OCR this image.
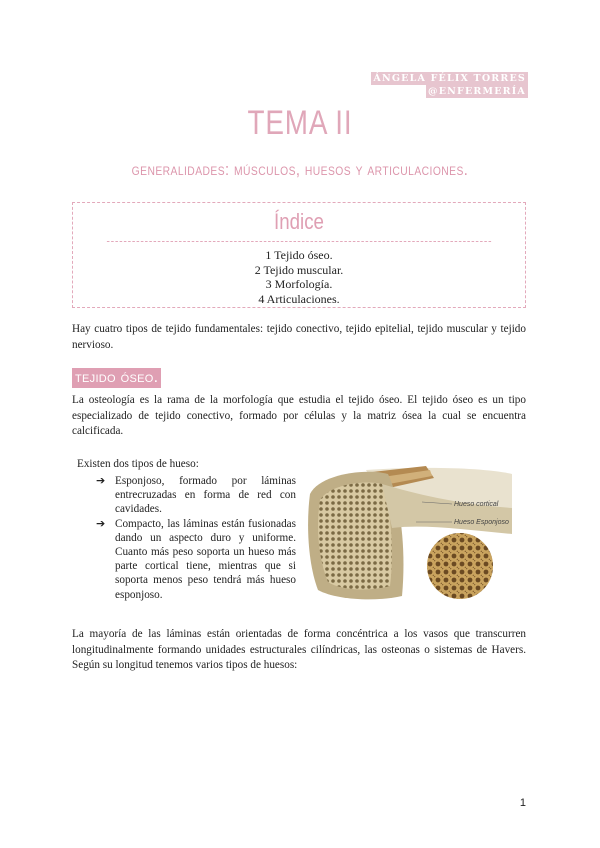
ÁNGELA FÉLIX TORRES
@ENFERMERÍA
TEMA II
generalidades: músculos, huesos y articulaciones.
Índice
1 Tejido óseo.
2 Tejido muscular.
3 Morfología.
4 Articulaciones.
Hay cuatro tipos de tejido fundamentales: tejido conectivo, tejido epitelial, tejido muscular y tejido nervioso.
tejido óseo.
La osteología es la rama de la morfología que estudia el tejido óseo. El tejido óseo es un tipo especializado de tejido conectivo, formado por células y la matriz ósea la cual se encuentra calcificada.
Existen dos tipos de hueso:
➔ Esponjoso, formado por láminas entrecruzadas en forma de red con cavidades.
➔ Compacto, las láminas están fusionadas dando un aspecto duro y uniforme. Cuanto más peso soporta un hueso más parte cortical tiene, mientras que si soporta menos peso tendrá más hueso esponjoso.
Hueso cortical
Hueso Esponjoso
La mayoría de las láminas están orientadas de forma concéntrica a los vasos que transcurren longitudinalmente formando unidades estructurales cilíndricas, las osteonas o sistemas de Havers. Según su longitud tenemos varios tipos de huesos:
1
